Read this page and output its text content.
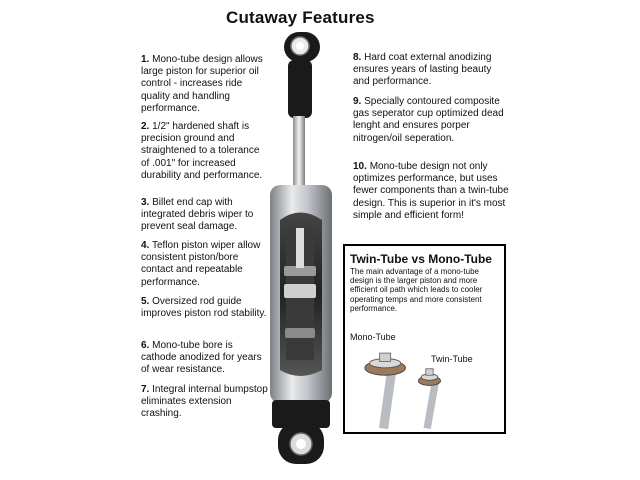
Cutaway Features
1. Mono-tube design allows large piston for superior oil control - increases ride quality and handling performance.
2. 1/2" hardened shaft is precision ground and straightened to a tolerance of .001" for increased durability and performance.
3. Billet end cap with integrated debris wiper to prevent seal damage.
4. Teflon piston wiper allow consistent piston/bore contact and repeatable performance.
5. Oversized rod guide improves piston rod stability.
6. Mono-tube bore is cathode anodized for years of wear resistance.
7. Integral internal bumpstop eliminates extension crashing.
8. Hard coat external anodizing ensures years of lasting beauty and performance.
9. Specially contoured composite gas seperator cup optimized dead lenght and ensures porper nitrogen/oil seperation.
10. Mono-tube design not only optimizes performance, but uses fewer components than a twin-tube design. This is superior in it's most simple and efficient form!
Twin-Tube vs Mono-Tube
The main advantage of a mono-tube design is the larger piston and more efficient oil path which leads to cooler operating temps and more consistent performance.
Mono-Tube
Twin-Tube
